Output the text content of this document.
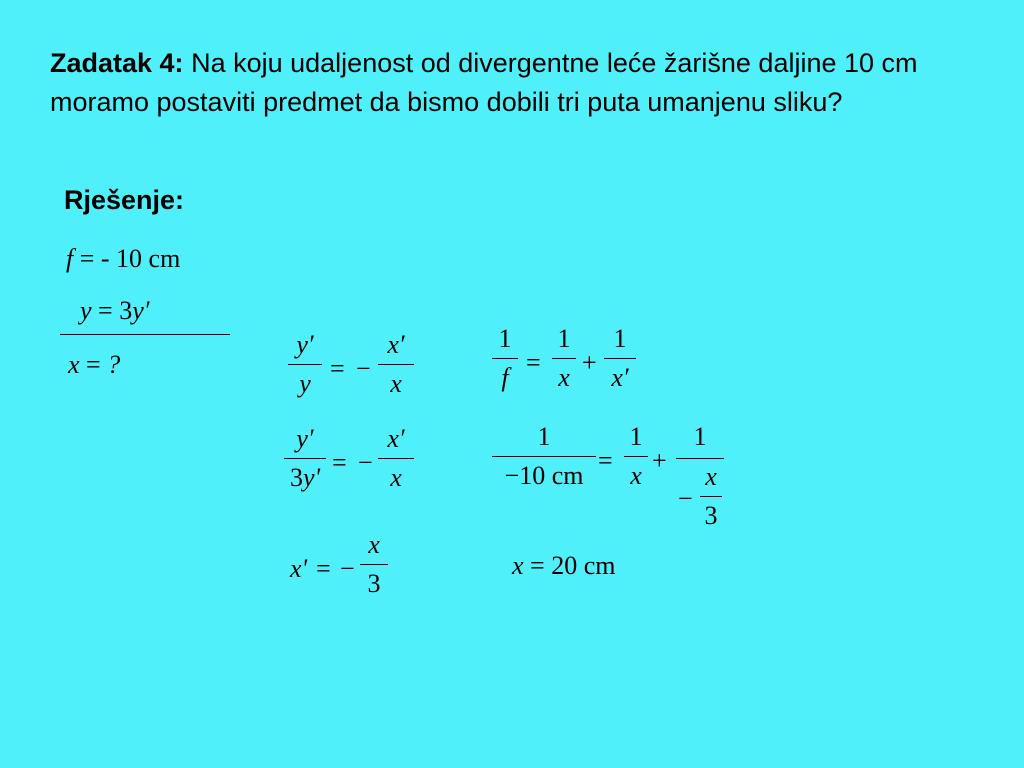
Zadatak 4: Na koju udaljenost od divergentne leće žarišne daljine 10 cm moramo postaviti predmet da bismo dobili tri puta umanjenu sliku?
Rješenje:
f = - 10 cm
y = 3y′
x = ?
y′
y
= −
x′
x
y′
3y'
= −
x′
x
x' = −
x
3
1
f
=
1
x
+
1
x′
1
−10 cm
=
1
x
+
1
−
x
3
x = 20 cm
